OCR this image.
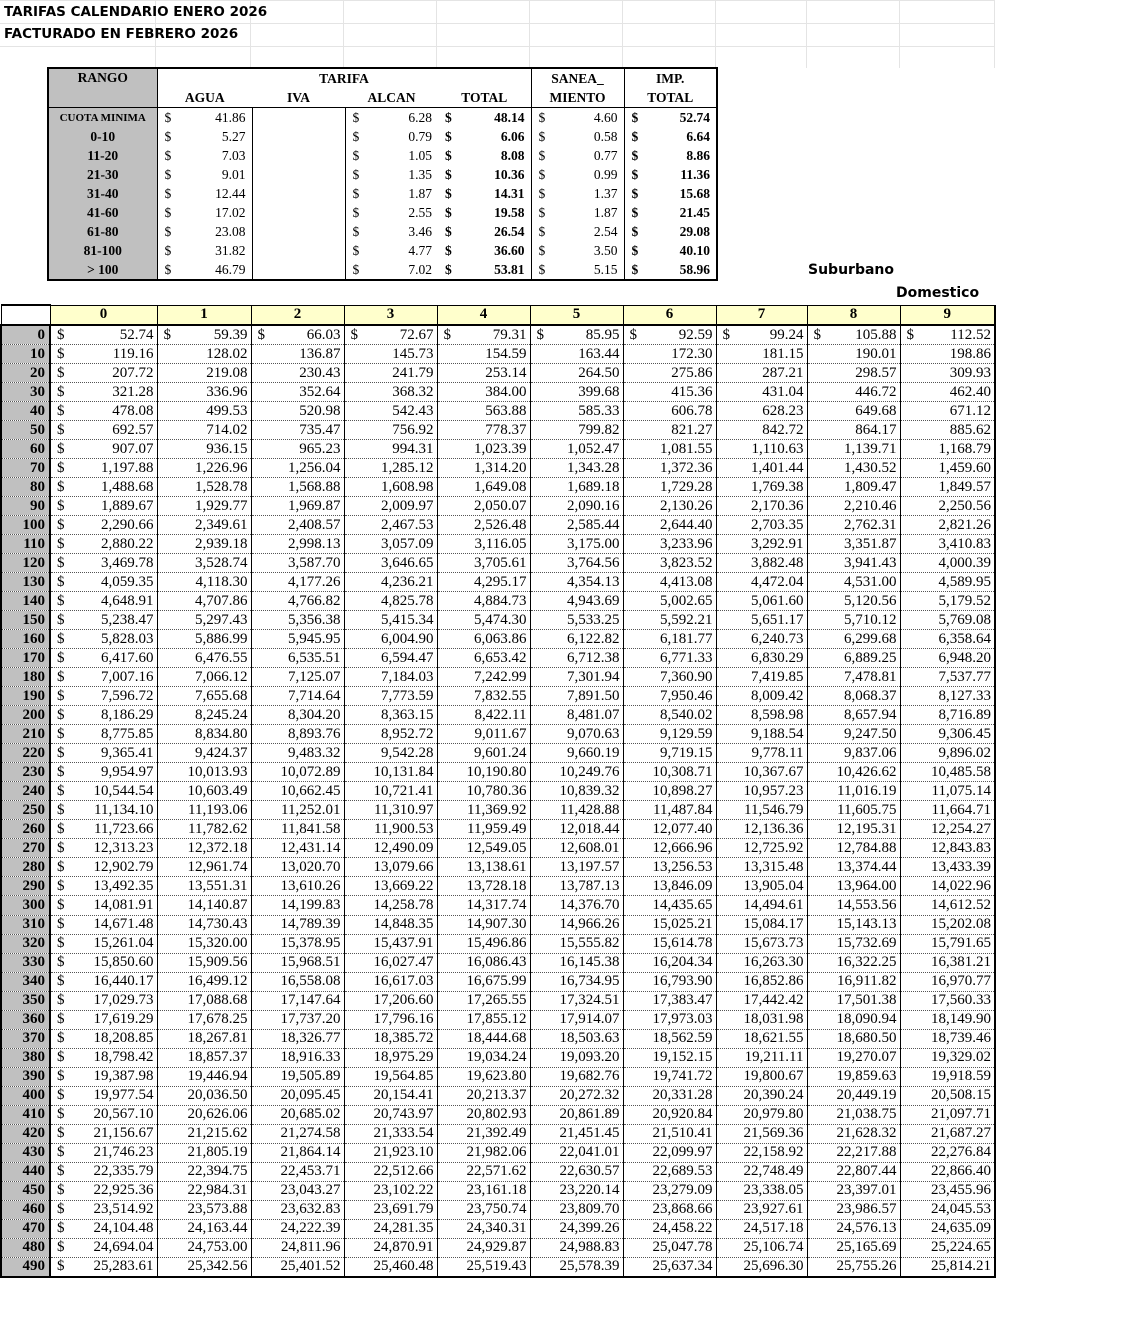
TARIFAS CALENDARIO ENERO 2026
FACTURADO EN FEBRERO 2026
RANGO	TARIFA				SANEA_	IMP.
	AGUA	IVA	ALCAN	TOTAL	MIENTO	TOTAL
CUOTA MINIMA	$ 41.86		$ 6.28	$ 48.14	$ 4.60	$ 52.74
0-10	$ 5.27		$ 0.79	$ 6.06	$ 0.58	$ 6.64
11-20	$ 7.03		$ 1.05	$ 8.08	$ 0.77	$ 8.86
21-30	$ 9.01		$ 1.35	$ 10.36	$ 0.99	$ 11.36
31-40	$ 12.44		$ 1.87	$ 14.31	$ 1.37	$ 15.68
41-60	$ 17.02		$ 2.55	$ 19.58	$ 1.87	$ 21.45
61-80	$ 23.08		$ 3.46	$ 26.54	$ 2.54	$ 29.08
81-100	$ 31.82		$ 4.77	$ 36.60	$ 3.50	$ 40.10
> 100	$ 46.79		$ 7.02	$ 53.81	$ 5.15	$ 58.96	Suburbano
Domestico
	0	1	2	3	4	5	6	7	8	9
0	$ 52.74	$ 59.39	$ 66.03	$ 72.67	$ 79.31	$ 85.95	$ 92.59	$ 99.24	$ 105.88	$ 112.52
10	$ 119.16	128.02	136.87	145.73	154.59	163.44	172.30	181.15	190.01	198.86
20	$ 207.72	219.08	230.43	241.79	253.14	264.50	275.86	287.21	298.57	309.93
30	$ 321.28	336.96	352.64	368.32	384.00	399.68	415.36	431.04	446.72	462.40
40	$ 478.08	499.53	520.98	542.43	563.88	585.33	606.78	628.23	649.68	671.12
50	$ 692.57	714.02	735.47	756.92	778.37	799.82	821.27	842.72	864.17	885.62
60	$ 907.07	936.15	965.23	994.31	1,023.39	1,052.47	1,081.55	1,110.63	1,139.71	1,168.79
70	$ 1,197.88	1,226.96	1,256.04	1,285.12	1,314.20	1,343.28	1,372.36	1,401.44	1,430.52	1,459.60
80	$ 1,488.68	1,528.78	1,568.88	1,608.98	1,649.08	1,689.18	1,729.28	1,769.38	1,809.47	1,849.57
90	$ 1,889.67	1,929.77	1,969.87	2,009.97	2,050.07	2,090.16	2,130.26	2,170.36	2,210.46	2,250.56
100	$ 2,290.66	2,349.61	2,408.57	2,467.53	2,526.48	2,585.44	2,644.40	2,703.35	2,762.31	2,821.26
110	$ 2,880.22	2,939.18	2,998.13	3,057.09	3,116.05	3,175.00	3,233.96	3,292.91	3,351.87	3,410.83
120	$ 3,469.78	3,528.74	3,587.70	3,646.65	3,705.61	3,764.56	3,823.52	3,882.48	3,941.43	4,000.39
130	$ 4,059.35	4,118.30	4,177.26	4,236.21	4,295.17	4,354.13	4,413.08	4,472.04	4,531.00	4,589.95
140	$ 4,648.91	4,707.86	4,766.82	4,825.78	4,884.73	4,943.69	5,002.65	5,061.60	5,120.56	5,179.52
150	$ 5,238.47	5,297.43	5,356.38	5,415.34	5,474.30	5,533.25	5,592.21	5,651.17	5,710.12	5,769.08
160	$ 5,828.03	5,886.99	5,945.95	6,004.90	6,063.86	6,122.82	6,181.77	6,240.73	6,299.68	6,358.64
170	$ 6,417.60	6,476.55	6,535.51	6,594.47	6,653.42	6,712.38	6,771.33	6,830.29	6,889.25	6,948.20
180	$ 7,007.16	7,066.12	7,125.07	7,184.03	7,242.99	7,301.94	7,360.90	7,419.85	7,478.81	7,537.77
190	$ 7,596.72	7,655.68	7,714.64	7,773.59	7,832.55	7,891.50	7,950.46	8,009.42	8,068.37	8,127.33
200	$ 8,186.29	8,245.24	8,304.20	8,363.15	8,422.11	8,481.07	8,540.02	8,598.98	8,657.94	8,716.89
210	$ 8,775.85	8,834.80	8,893.76	8,952.72	9,011.67	9,070.63	9,129.59	9,188.54	9,247.50	9,306.45
220	$ 9,365.41	9,424.37	9,483.32	9,542.28	9,601.24	9,660.19	9,719.15	9,778.11	9,837.06	9,896.02
230	$ 9,954.97	10,013.93	10,072.89	10,131.84	10,190.80	10,249.76	10,308.71	10,367.67	10,426.62	10,485.58
240	$ 10,544.54	10,603.49	10,662.45	10,721.41	10,780.36	10,839.32	10,898.27	10,957.23	11,016.19	11,075.14
250	$ 11,134.10	11,193.06	11,252.01	11,310.97	11,369.92	11,428.88	11,487.84	11,546.79	11,605.75	11,664.71
260	$ 11,723.66	11,782.62	11,841.58	11,900.53	11,959.49	12,018.44	12,077.40	12,136.36	12,195.31	12,254.27
270	$ 12,313.23	12,372.18	12,431.14	12,490.09	12,549.05	12,608.01	12,666.96	12,725.92	12,784.88	12,843.83
280	$ 12,902.79	12,961.74	13,020.70	13,079.66	13,138.61	13,197.57	13,256.53	13,315.48	13,374.44	13,433.39
290	$ 13,492.35	13,551.31	13,610.26	13,669.22	13,728.18	13,787.13	13,846.09	13,905.04	13,964.00	14,022.96
300	$ 14,081.91	14,140.87	14,199.83	14,258.78	14,317.74	14,376.70	14,435.65	14,494.61	14,553.56	14,612.52
310	$ 14,671.48	14,730.43	14,789.39	14,848.35	14,907.30	14,966.26	15,025.21	15,084.17	15,143.13	15,202.08
320	$ 15,261.04	15,320.00	15,378.95	15,437.91	15,496.86	15,555.82	15,614.78	15,673.73	15,732.69	15,791.65
330	$ 15,850.60	15,909.56	15,968.51	16,027.47	16,086.43	16,145.38	16,204.34	16,263.30	16,322.25	16,381.21
340	$ 16,440.17	16,499.12	16,558.08	16,617.03	16,675.99	16,734.95	16,793.90	16,852.86	16,911.82	16,970.77
350	$ 17,029.73	17,088.68	17,147.64	17,206.60	17,265.55	17,324.51	17,383.47	17,442.42	17,501.38	17,560.33
360	$ 17,619.29	17,678.25	17,737.20	17,796.16	17,855.12	17,914.07	17,973.03	18,031.98	18,090.94	18,149.90
370	$ 18,208.85	18,267.81	18,326.77	18,385.72	18,444.68	18,503.63	18,562.59	18,621.55	18,680.50	18,739.46
380	$ 18,798.42	18,857.37	18,916.33	18,975.29	19,034.24	19,093.20	19,152.15	19,211.11	19,270.07	19,329.02
390	$ 19,387.98	19,446.94	19,505.89	19,564.85	19,623.80	19,682.76	19,741.72	19,800.67	19,859.63	19,918.59
400	$ 19,977.54	20,036.50	20,095.45	20,154.41	20,213.37	20,272.32	20,331.28	20,390.24	20,449.19	20,508.15
410	$ 20,567.10	20,626.06	20,685.02	20,743.97	20,802.93	20,861.89	20,920.84	20,979.80	21,038.75	21,097.71
420	$ 21,156.67	21,215.62	21,274.58	21,333.54	21,392.49	21,451.45	21,510.41	21,569.36	21,628.32	21,687.27
430	$ 21,746.23	21,805.19	21,864.14	21,923.10	21,982.06	22,041.01	22,099.97	22,158.92	22,217.88	22,276.84
440	$ 22,335.79	22,394.75	22,453.71	22,512.66	22,571.62	22,630.57	22,689.53	22,748.49	22,807.44	22,866.40
450	$ 22,925.36	22,984.31	23,043.27	23,102.22	23,161.18	23,220.14	23,279.09	23,338.05	23,397.01	23,455.96
460	$ 23,514.92	23,573.88	23,632.83	23,691.79	23,750.74	23,809.70	23,868.66	23,927.61	23,986.57	24,045.53
470	$ 24,104.48	24,163.44	24,222.39	24,281.35	24,340.31	24,399.26	24,458.22	24,517.18	24,576.13	24,635.09
480	$ 24,694.04	24,753.00	24,811.96	24,870.91	24,929.87	24,988.83	25,047.78	25,106.74	25,165.69	25,224.65
490	$ 25,283.61	25,342.56	25,401.52	25,460.48	25,519.43	25,578.39	25,637.34	25,696.30	25,755.26	25,814.21
